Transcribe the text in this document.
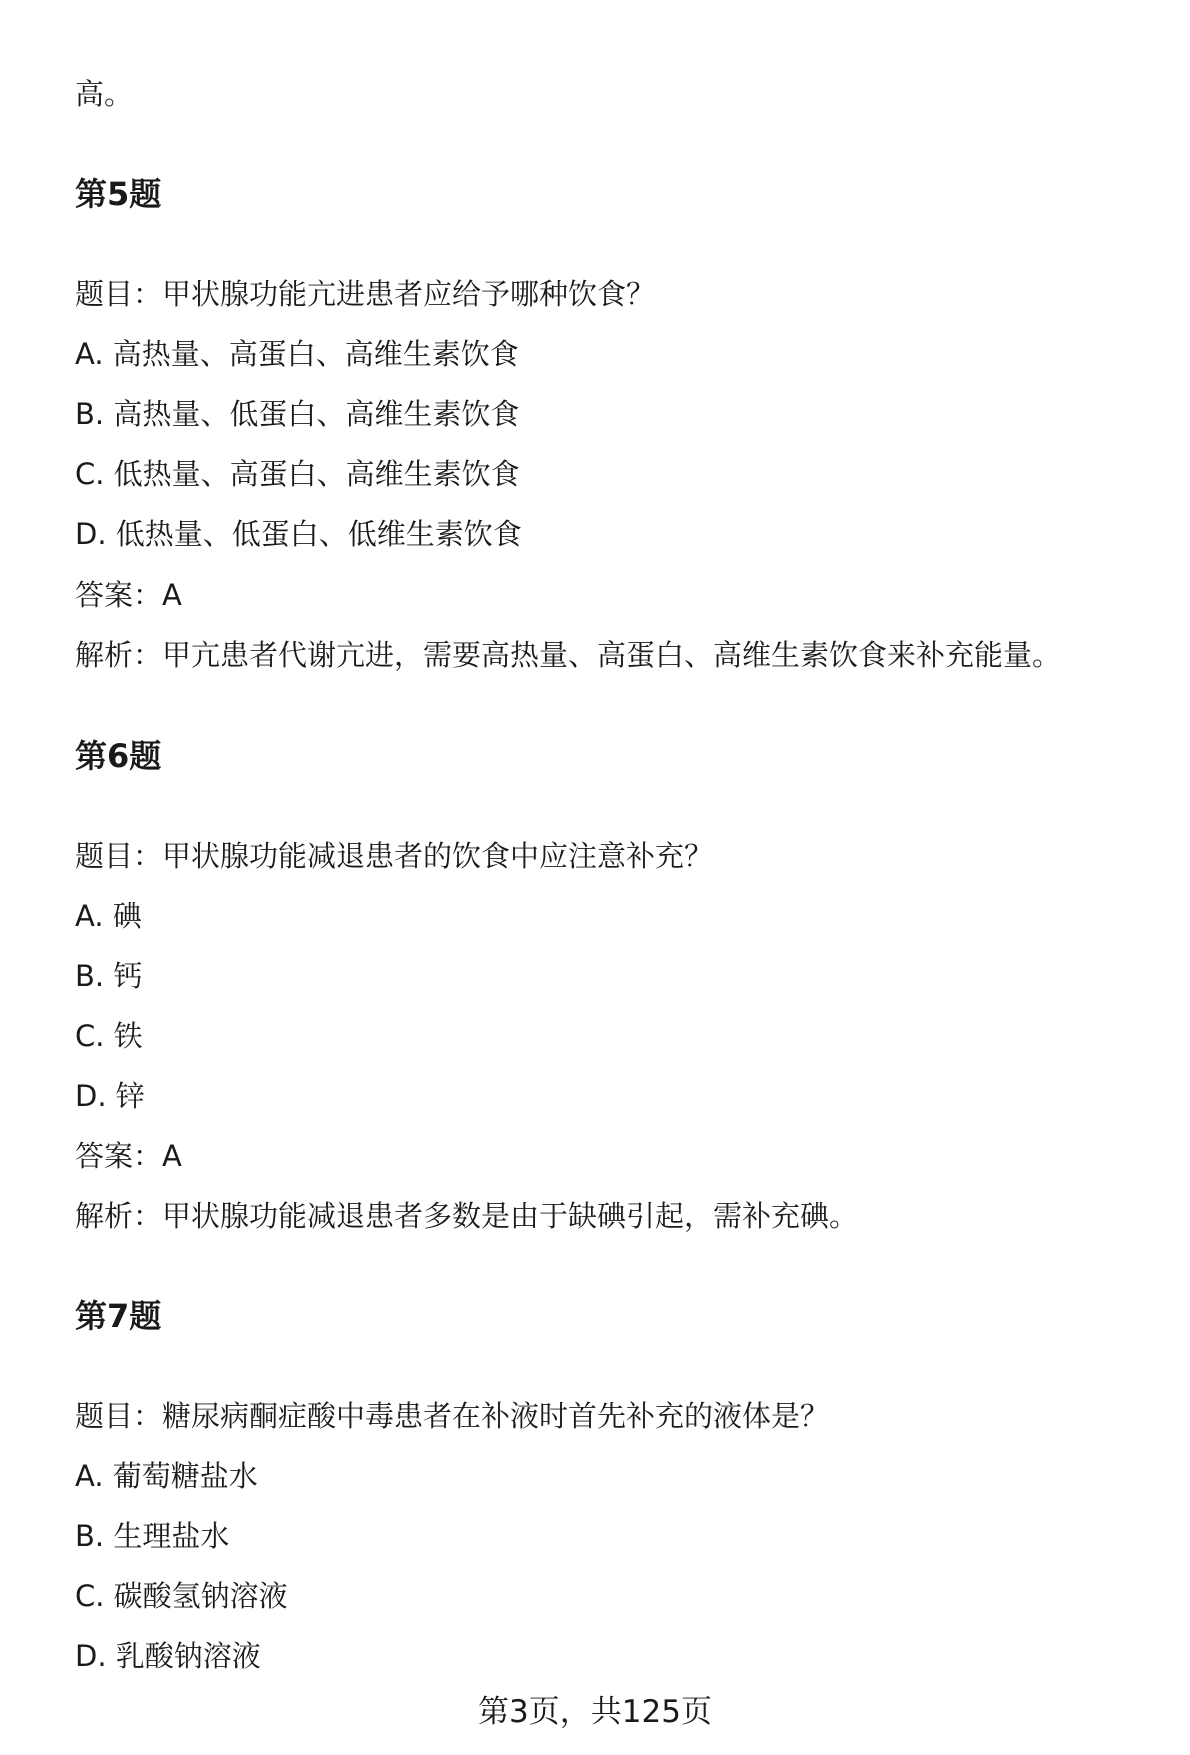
高。
第5题
题目：甲状腺功能亢进患者应给予哪种饮食？
A. 高热量、高蛋白、高维生素饮食
B. 高热量、低蛋白、高维生素饮食
C. 低热量、高蛋白、高维生素饮食
D. 低热量、低蛋白、低维生素饮食
答案：A
解析：甲亢患者代谢亢进，需要高热量、高蛋白、高维生素饮食来补充能量。
第6题
题目：甲状腺功能减退患者的饮食中应注意补充？
A. 碘
B. 钙
C. 铁
D. 锌
答案：A
解析：甲状腺功能减退患者多数是由于缺碘引起，需补充碘。
第7题
题目：糖尿病酮症酸中毒患者在补液时首先补充的液体是？
A. 葡萄糖盐水
B. 生理盐水
C. 碳酸氢钠溶液
D. 乳酸钠溶液
第3页，共125页
